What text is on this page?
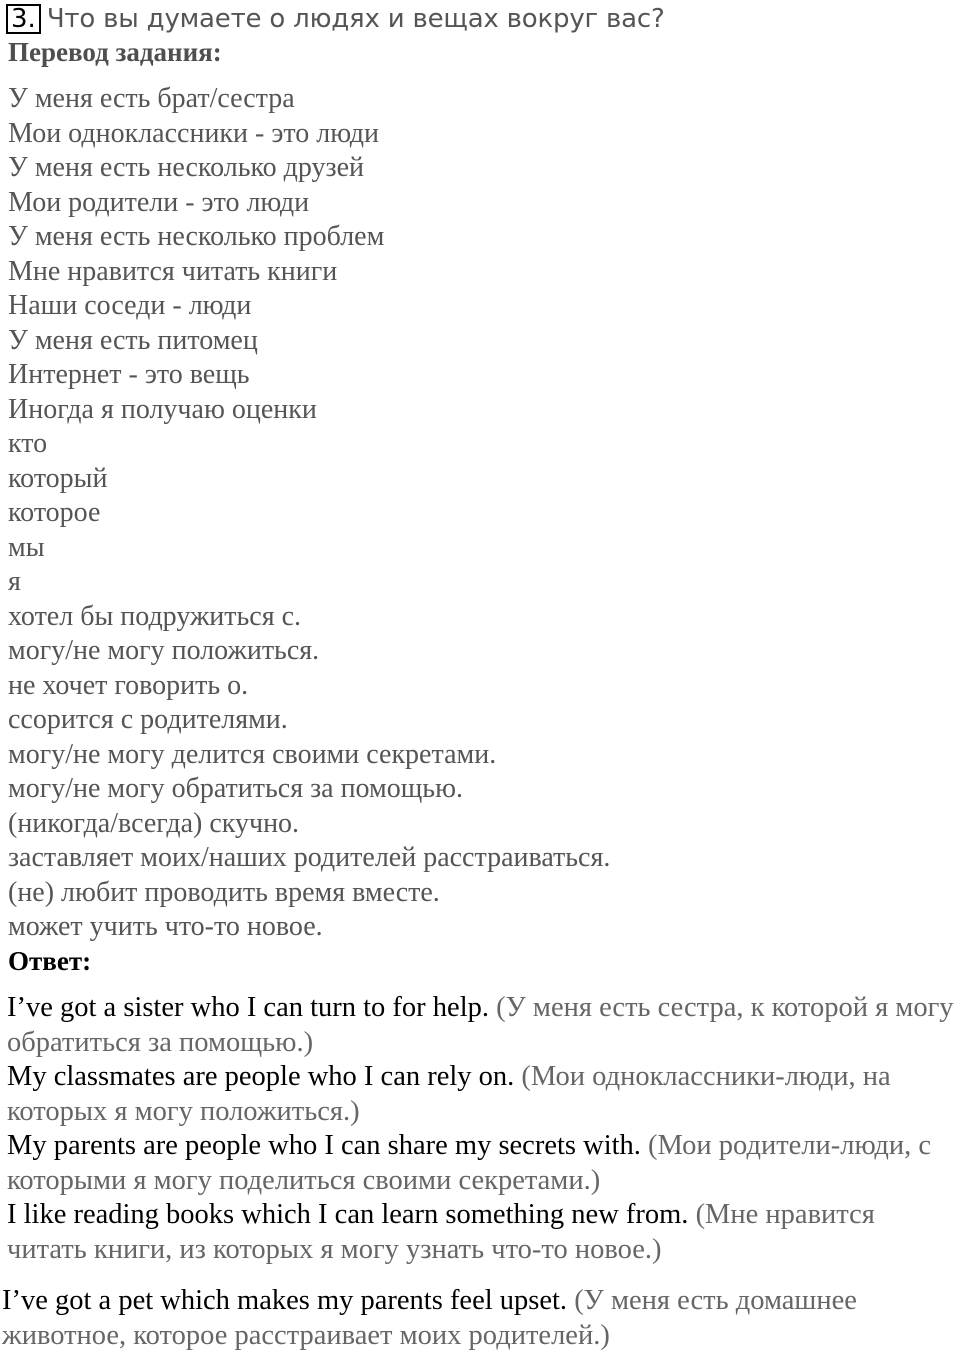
3. Что вы думаете о людях и вещах вокруг вас?
Перевод задания:
У меня есть брат/сестра
Мои одноклассники - это люди
У меня есть несколько друзей
Мои родители - это люди
У меня есть несколько проблем
Мне нравится читать книги
Наши соседи - люди
У меня есть питомец
Интернет - это вещь
Иногда я получаю оценки
кто
который
которое
мы
я
хотел бы подружиться с.
могу/не могу положиться.
не хочет говорить о.
ссорится с родителями.
могу/не могу делится своими секретами.
могу/не могу обратиться за помощью.
(никогда/всегда) скучно.
заставляет моих/наших родителей расстраиваться.
(не) любит проводить время вместе.
может учить что-то новое.
Ответ:
I’ve got a sister who I can turn to for help. (У меня есть сестра, к которой я могу обратиться за помощью.)
My classmates are people who I can rely on. (Мои одноклассники-люди, на которых я могу положиться.)
My parents are people who I can share my secrets with. (Мои родители-люди, с которыми я могу поделиться своими секретами.)
I like reading books which I can learn something new from. (Мне нравится читать книги, из которых я могу узнать что-то новое.)
I’ve got a pet which makes my parents feel upset. (У меня есть домашнее животное, которое расстраивает моих родителей.)
